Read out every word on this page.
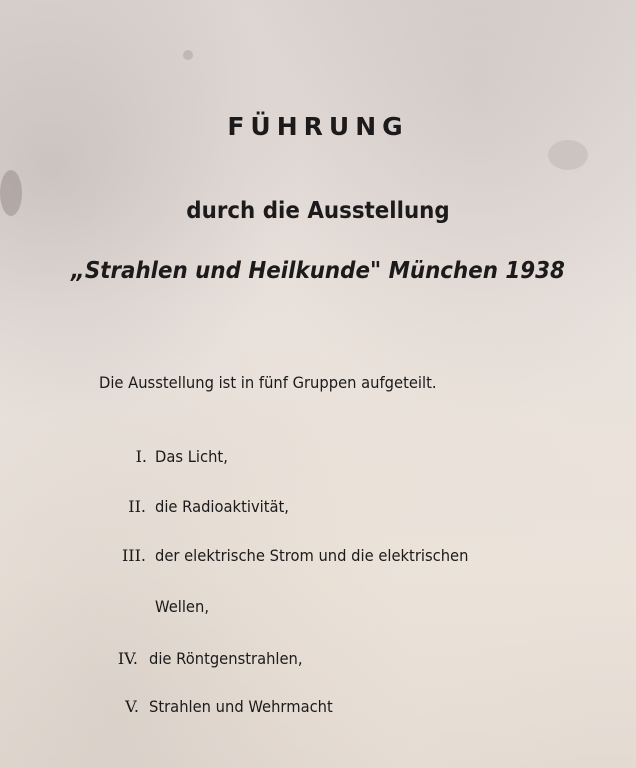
FÜHRUNG
durch die Ausstellung
„Strahlen und Heilkunde" München 1938
Die Ausstellung ist in fünf Gruppen aufgeteilt.
I. Das Licht,
II. die Radioaktivität,
III. der elektrische Strom und die elektrischen
Wellen,
IV. die Röntgenstrahlen,
V. Strahlen und Wehrmacht
